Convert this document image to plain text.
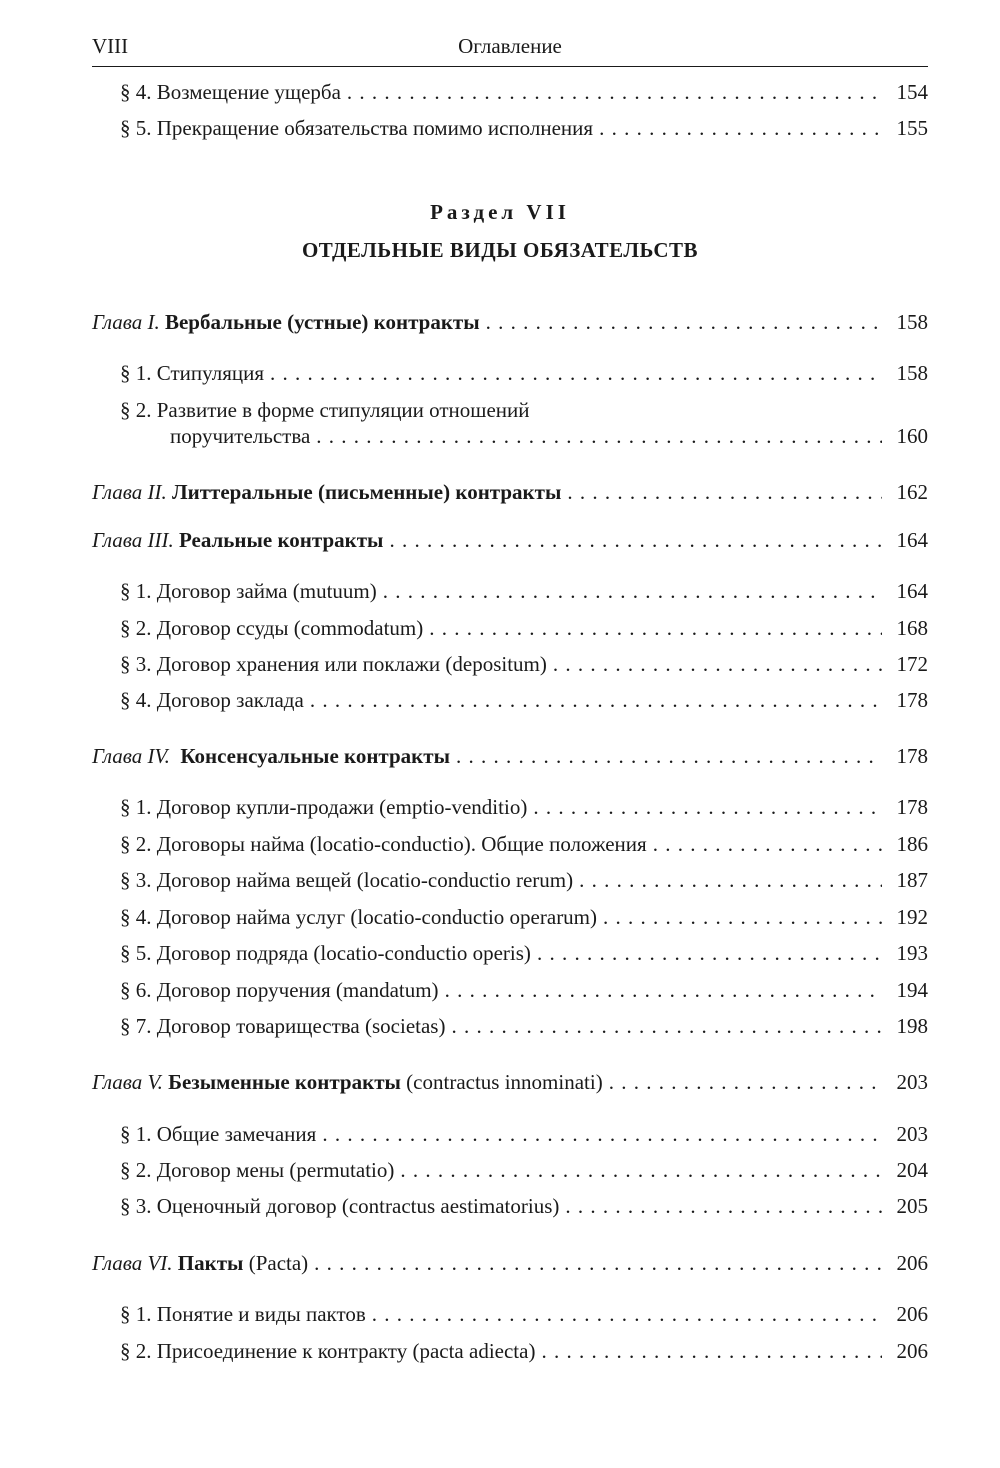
VIII	Оглавление
§ 4. Возмещение ущерба . . .	154
§ 5. Прекращение обязательства помимо исполнения . . .	155
Раздел VII
ОТДЕЛЬНЫЕ ВИДЫ ОБЯЗАТЕЛЬСТВ
Глава I. Вербальные (устные) контракты . . .	158
§ 1. Стипуляция . . .	158
§ 2. Развитие в форме стипуляции отношений
поручительства . . .	160
Глава II. Литтеральные (письменные) контракты . . .	162
Глава III. Реальные контракты . . .	164
§ 1. Договор займа (mutuum) . . .	164
§ 2. Договор ссуды (commodatum) . . .	168
§ 3. Договор хранения или поклажи (depositum) . . .	172
§ 4. Договор заклада . . .	178
Глава IV. Консенсуальные контракты . . .	178
§ 1. Договор купли-продажи (emptio-venditio) . . .	178
§ 2. Договоры найма (locatio-conductio). Общие положения . . .	186
§ 3. Договор найма вещей (locatio-conductio rerum) . . .	187
§ 4. Договор найма услуг (locatio-conductio operarum) . . .	192
§ 5. Договор подряда (locatio-conductio operis) . . .	193
§ 6. Договор поручения (mandatum) . . .	194
§ 7. Договор товарищества (societas) . . .	198
Глава V. Безыменные контракты (contractus innominati) . . .	203
§ 1. Общие замечания . . .	203
§ 2. Договор мены (permutatio) . . .	204
§ 3. Оценочный договор (contractus aestimatorius) . . .	205
Глава VI. Пакты (Pacta) . . .	206
§ 1. Понятие и виды пактов . . .	206
§ 2. Присоединение к контракту (pacta adiecta) . . .	206
